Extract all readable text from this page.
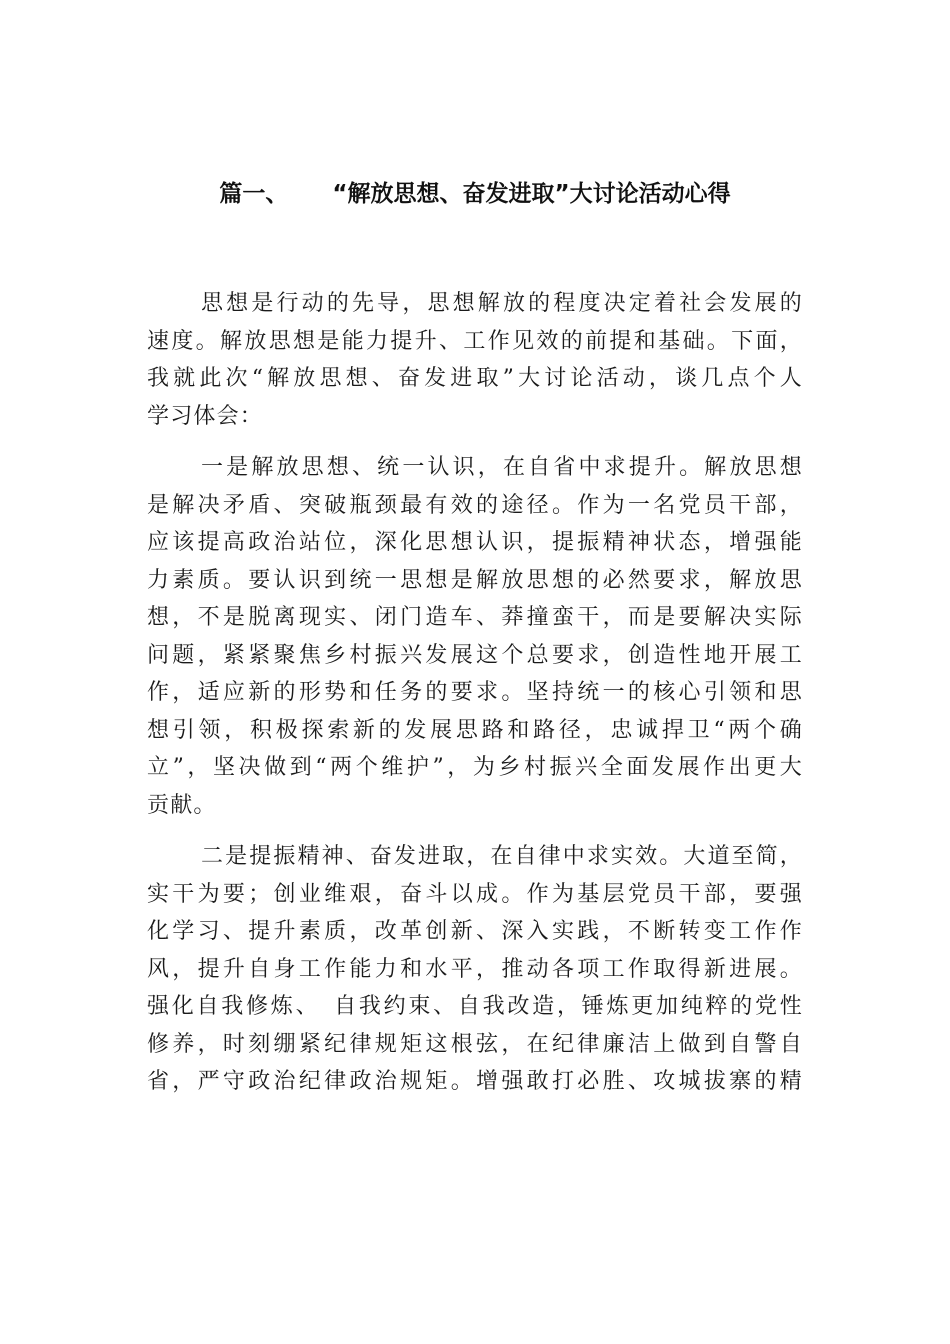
篇一、 “解放思想、奋发进取”大讨论活动心得
思想是行动的先导，思想解放的程度决定着社会发展的
速度。解放思想是能力提升、工作见效的前提和基础。下面，
我就此次“解放思想、奋发进取”大讨论活动，谈几点个人
学习体会：
一是解放思想、统一认识，在自省中求提升。解放思想
是解决矛盾、突破瓶颈最有效的途径。作为一名党员干部，
应该提高政治站位，深化思想认识，提振精神状态，增强能
力素质。要认识到统一思想是解放思想的必然要求，解放思
想，不是脱离现实、闭门造车、莽撞蛮干，而是要解决实际
问题，紧紧聚焦乡村振兴发展这个总要求，创造性地开展工
作，适应新的形势和任务的要求。坚持统一的核心引领和思
想引领，积极探索新的发展思路和路径，忠诚捍卫“两个确
立”，坚决做到“两个维护”，为乡村振兴全面发展作出更大
贡献。
二是提振精神、奋发进取，在自律中求实效。大道至简，
实干为要；创业维艰，奋斗以成。作为基层党员干部，要强
化学习、提升素质，改革创新、深入实践，不断转变工作作
风，提升自身工作能力和水平，推动各项工作取得新进展。
强化自我修炼、　自我约束、自我改造，锤炼更加纯粹的党性
修养，时刻绷紧纪律规矩这根弦，在纪律廉洁上做到自警自
省，严守政治纪律政治规矩。增强敢打必胜、攻城拔寨的精
